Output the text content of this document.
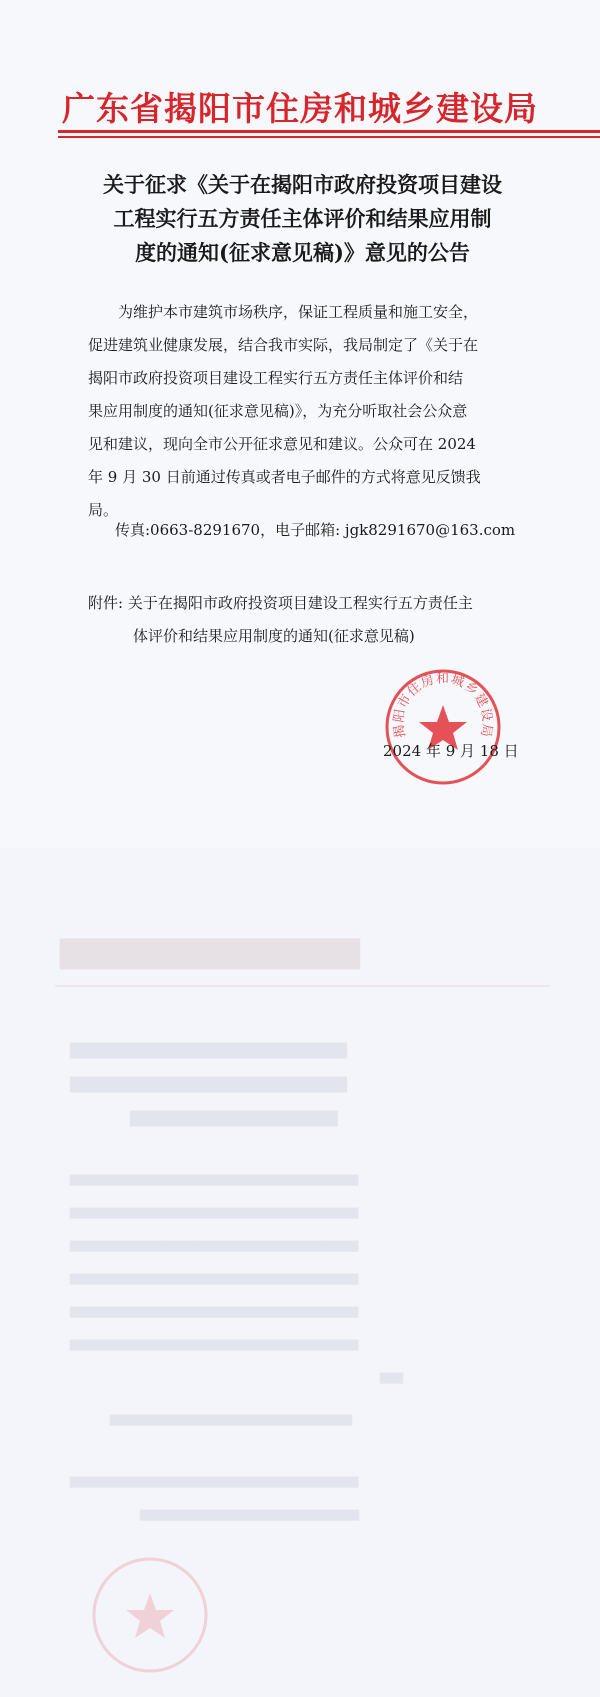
广东省揭阳市住房和城乡建设局
关于征求《关于在揭阳市政府投资项目建设
工程实行五方责任主体评价和结果应用制
度的通知(征求意见稿)》意见的公告
为维护本市建筑市场秩序，保证工程质量和施工安全，
促进建筑业健康发展，结合我市实际，我局制定了《关于在
揭阳市政府投资项目建设工程实行五方责任主体评价和结
果应用制度的通知(征求意见稿)》，为充分听取社会公众意
见和建议，现向全市公开征求意见和建议。公众可在 2024
年 9 月 30 日前通过传真或者电子邮件的方式将意见反馈我
局。
传真:0663-8291670，电子邮箱: jgk8291670@163.com
附件: 关于在揭阳市政府投资项目建设工程实行五方责任主
体评价和结果应用制度的通知(征求意见稿)
揭阳市住房和城乡建设局
2024 年 9 月 18 日
▇▇▇▇▇▇▇▇▇▇▇▇▇
▆▆▆▆▆▆▆▆▆▆▆▆▆▆▆▆▆▆▆▆
▆▆▆▆▆▆▆▆▆▆▆▆▆▆▆▆▆▆▆▆
▆▆▆▆▆▆▆▆▆▆▆▆▆▆▆
▅▅▅▅▅▅▅▅▅▅▅▅▅▅▅▅▅▅▅▅▅▅▅▅▅
▅▅▅▅▅▅▅▅▅▅▅▅▅▅▅▅▅▅▅▅▅▅▅▅▅
▅▅▅▅▅▅▅▅▅▅▅▅▅▅▅▅▅▅▅▅▅▅▅▅▅
▅▅▅▅▅▅▅▅▅▅▅▅▅▅▅▅▅▅▅▅▅▅▅▅▅
▅▅▅▅▅▅▅▅▅▅▅▅▅▅▅▅▅▅▅▅▅▅▅▅▅
▅▅▅▅▅▅▅▅▅▅▅▅▅▅▅▅▅▅▅▅▅▅▅▅▅
▅▅
▅▅▅▅▅▅▅▅▅▅▅▅▅▅▅▅▅▅▅▅▅
▅▅▅▅▅▅▅▅▅▅▅▅▅▅▅▅▅▅▅▅▅▅▅▅▅
▅▅▅▅▅▅▅▅▅▅▅▅▅▅▅▅▅▅▅
